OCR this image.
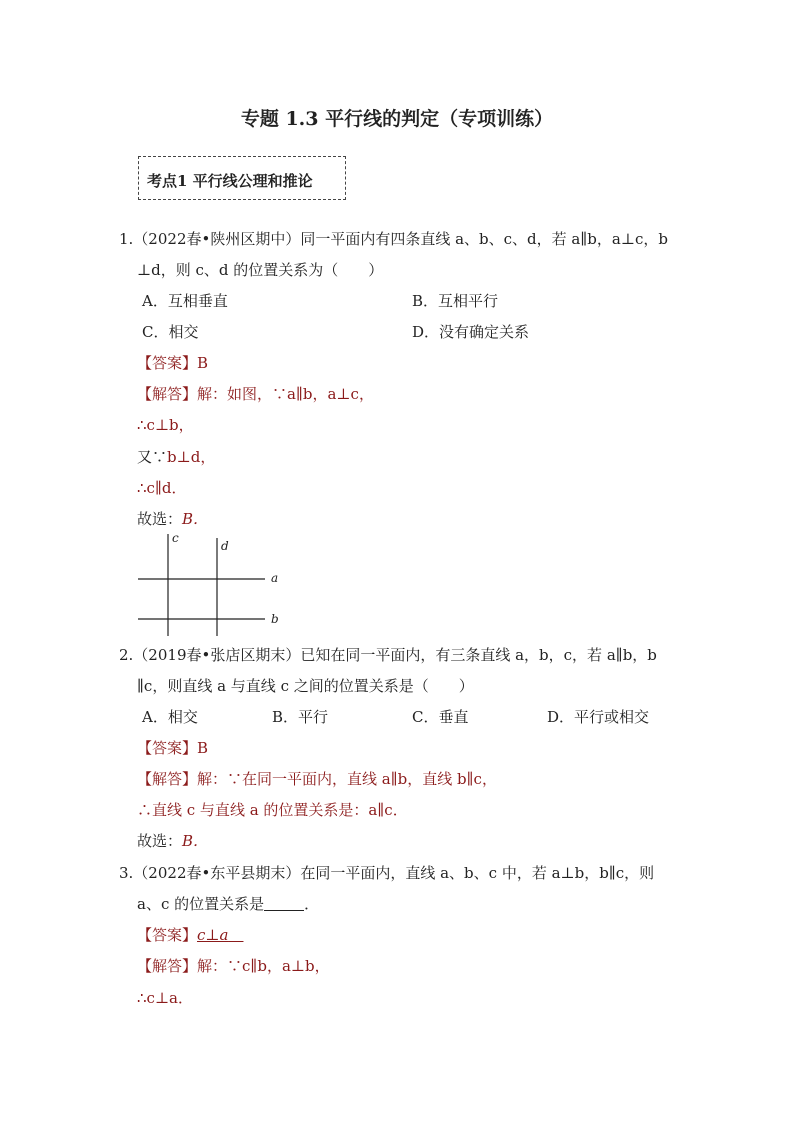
专题 1.3 平行线的判定（专项训练）
考点1 平行线公理和推论
1.（2022春•陕州区期中）同一平面内有四条直线 a、b、c、d，若 a∥b，a⊥c，b
⊥d，则 c、d 的位置关系为（　　）
A．互相垂直	B．互相平行
C．相交	D．没有确定关系
【答案】B
【解答】解：如图，∵a∥b，a⊥c，
∴c⊥b，
又∵b⊥d，
∴c∥d．
故选：B．
c
d
a
b
2.（2019春•张店区期末）已知在同一平面内，有三条直线 a，b，c，若 a∥b，b
∥c，则直线 a 与直线 c 之间的位置关系是（　　）
A．相交	B．平行	C．垂直	D．平行或相交
【答案】B
【解答】解：∵在同一平面内，直线 a∥b，直线 b∥c，
∴直线 c 与直线 a 的位置关系是：a∥c．
故选：B．
3.（2022春•东平县期末）在同一平面内，直线 a、b、c 中，若 a⊥b，b∥c，则
a、c 的位置关系是	．
【答案】c⊥a 
【解答】解：∵c∥b，a⊥b，
∴c⊥a．
